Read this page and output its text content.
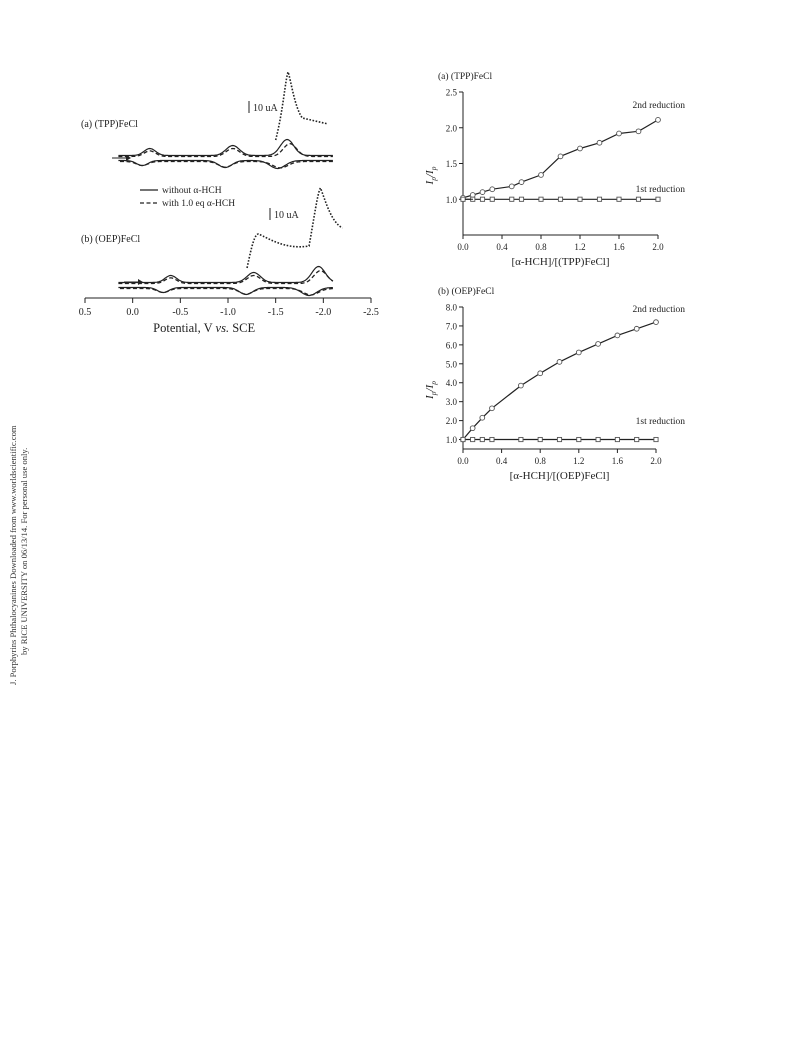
0.5	0.0	-0.5	-1.0	-1.5	-2.0	-2.5
Potential, V vs. SCE
without α-HCH
with 1.0 eq α-HCH
(a) (TPP)FeCl
10 uA
(b) (OEP)FeCl
10 uA
(a) (TPP)FeCl
1.0
1.5
2.0
2.5
0.0	0.4	0.8	1.2	1.6	2.0
[α-HCH]/[(TPP)FeCl]
$I_p/I_p$
2nd reduction
1st reduction
(b) (OEP)FeCl
1.0
2.0
3.0
4.0
5.0
6.0
7.0
8.0
0.0	0.4	0.8	1.2	1.6	2.0
[α-HCH]/[(OEP)FeCl]
$I_p/I_p$
2nd reduction
1st reduction
J. Porphyrins Phthalocyanines Downloaded from www.worldscientific.com by RICE UNIVERSITY on 06/13/14. For personal use only.
